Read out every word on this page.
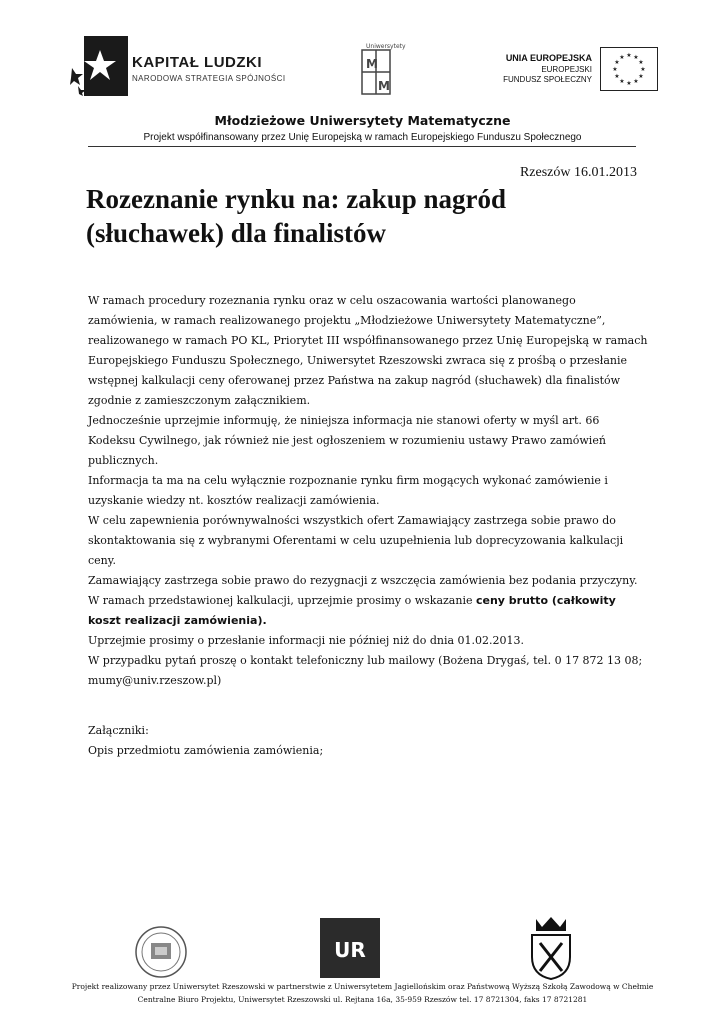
KAPITAŁ LUDZKI
NARODOWA STRATEGIA SPÓJNOŚCI
M
M
Uniwersytety
UNIA EUROPEJSKA
EUROPEJSKI
FUNDUSZ SPOŁECZNY
★ ★
★
★
★
★
★
★
★
★
★
★
Młodzieżowe Uniwersytety Matematyczne
Projekt współfinansowany przez Unię Europejską w ramach Europejskiego Funduszu Społecznego
Rzeszów 16.01.2013
Rozeznanie rynku na: zakup nagród
(słuchawek) dla finalistów

W ramach procedury rozeznania rynku oraz w celu oszacowania wartości planowanego zamówienia, w ramach realizowanego projektu „Młodzieżowe Uniwersytety Matematyczne”, realizowanego w ramach PO KL, Priorytet III współfinansowanego przez Unię Europejską w ramach Europejskiego Funduszu Społecznego, Uniwersytet Rzeszowski zwraca się z prośbą o przesłanie wstępnej kalkulacji ceny oferowanej przez Państwa na zakup nagród (słuchawek) dla finalistów zgodnie z zamieszczonym załącznikiem.

Jednocześnie uprzejmie informuję, że niniejsza informacja nie stanowi oferty w myśl art. 66 Kodeksu Cywilnego, jak również nie jest ogłoszeniem w rozumieniu ustawy Prawo zamówień publicznych.

Informacja ta ma na celu wyłącznie rozpoznanie rynku firm mogących wykonać zamówienie i uzyskanie wiedzy nt. kosztów realizacji zamówienia.

W celu zapewnienia porównywalności wszystkich ofert Zamawiający zastrzega sobie prawo do skontaktowania się z wybranymi Oferentami w celu uzupełnienia lub doprecyzowania kalkulacji ceny.

Zamawiający zastrzega sobie prawo do rezygnacji z wszczęcia zamówienia bez podania przyczyny.

W ramach przedstawionej kalkulacji, uprzejmie prosimy o wskazanie ceny brutto (całkowity koszt realizacji zamówienia).

Uprzejmie prosimy o przesłanie informacji nie później niż do dnia 01.02.2013.

W przypadku pytań proszę o kontakt telefoniczny lub mailowy (Bożena Drygaś, tel. 0 17 872 13 08; mumy@univ.rzeszow.pl)

Załączniki:

Opis przedmiotu zamówienia zamówienia;

UR
Projekt realizowany przez Uniwersytet Rzeszowski w partnerstwie z Uniwersytetem Jagiellońskim oraz Państwową Wyższą Szkołą Zawodową w Chełmie
Centralne Biuro Projektu, Uniwersytet Rzeszowski ul. Rejtana 16a, 35-959 Rzeszów tel. 17 8721304, faks 17 8721281
